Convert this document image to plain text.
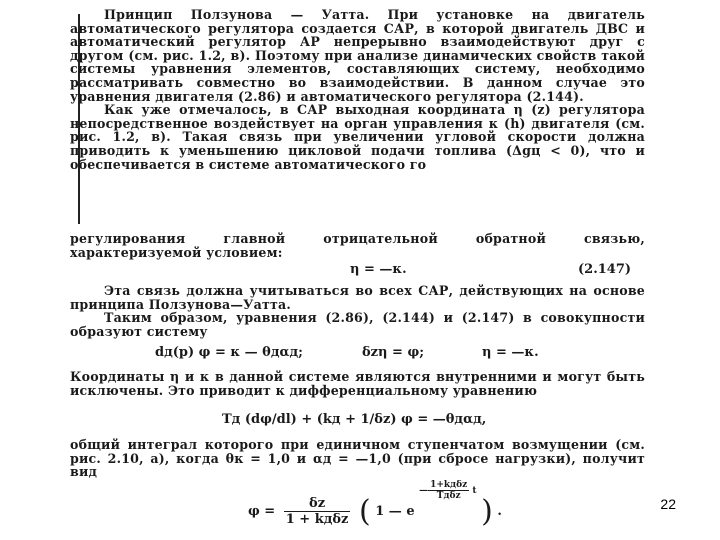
Принцип Ползунова — Уатта. При установке на двигатель автоматического регулятора создается САР, в которой двигатель ДВС и автоматический регулятор АР непрерывно взаимодействуют друг с другом (см. рис. 1.2, в). Поэтому при анализе динамических свойств такой системы уравнения элементов, составляющих систему, необходимо рассматривать совместно во взаимодействии. В данном случае это уравнения двигателя (2.86) и автоматического регулятора (2.144).

Как уже отмечалось, в САР выходная координата η (z) регулятора непосредственное воздействует на орган управления κ (h) двигателя (см. рис. 1.2, в). Такая связь при увеличении угловой скорости должна приводить к уменьшению цикловой подачи топлива (Δgц < 0), что и обеспечивается в системе автоматического го

регулирования главной отрицательной обратной связью, характеризуемой условием:

η = —κ.	(2.147)

Эта связь должна учитываться во всех САР, действующих на основе принципа Ползунова—Уатта.

Таким образом, уравнения (2.86), (2.144) и (2.147) в совокупности образуют систему

dд(p) φ = κ — θдαд;	δzη = φ;	η = —κ.

Координаты η и κ в данной системе являются внутренними и могут быть исключены. Это приводит к дифференциальному уравнению

Tд (dφ/dl) + (kд + 1/δz) φ = —θдαд,

общий интеграл которого при единичном ступенчатом возмущении (см. рис. 2.10, а), когда θк = 1,0 и αд = —1,0 (при сбросе нагрузки), получит вид

$\varphi = \frac{\delta z}{\text{1 + kдδz}}$ ( 1 — e — $\frac{\text{1+kдδz}}{\text{Tдδz}}$ t ) .	22
